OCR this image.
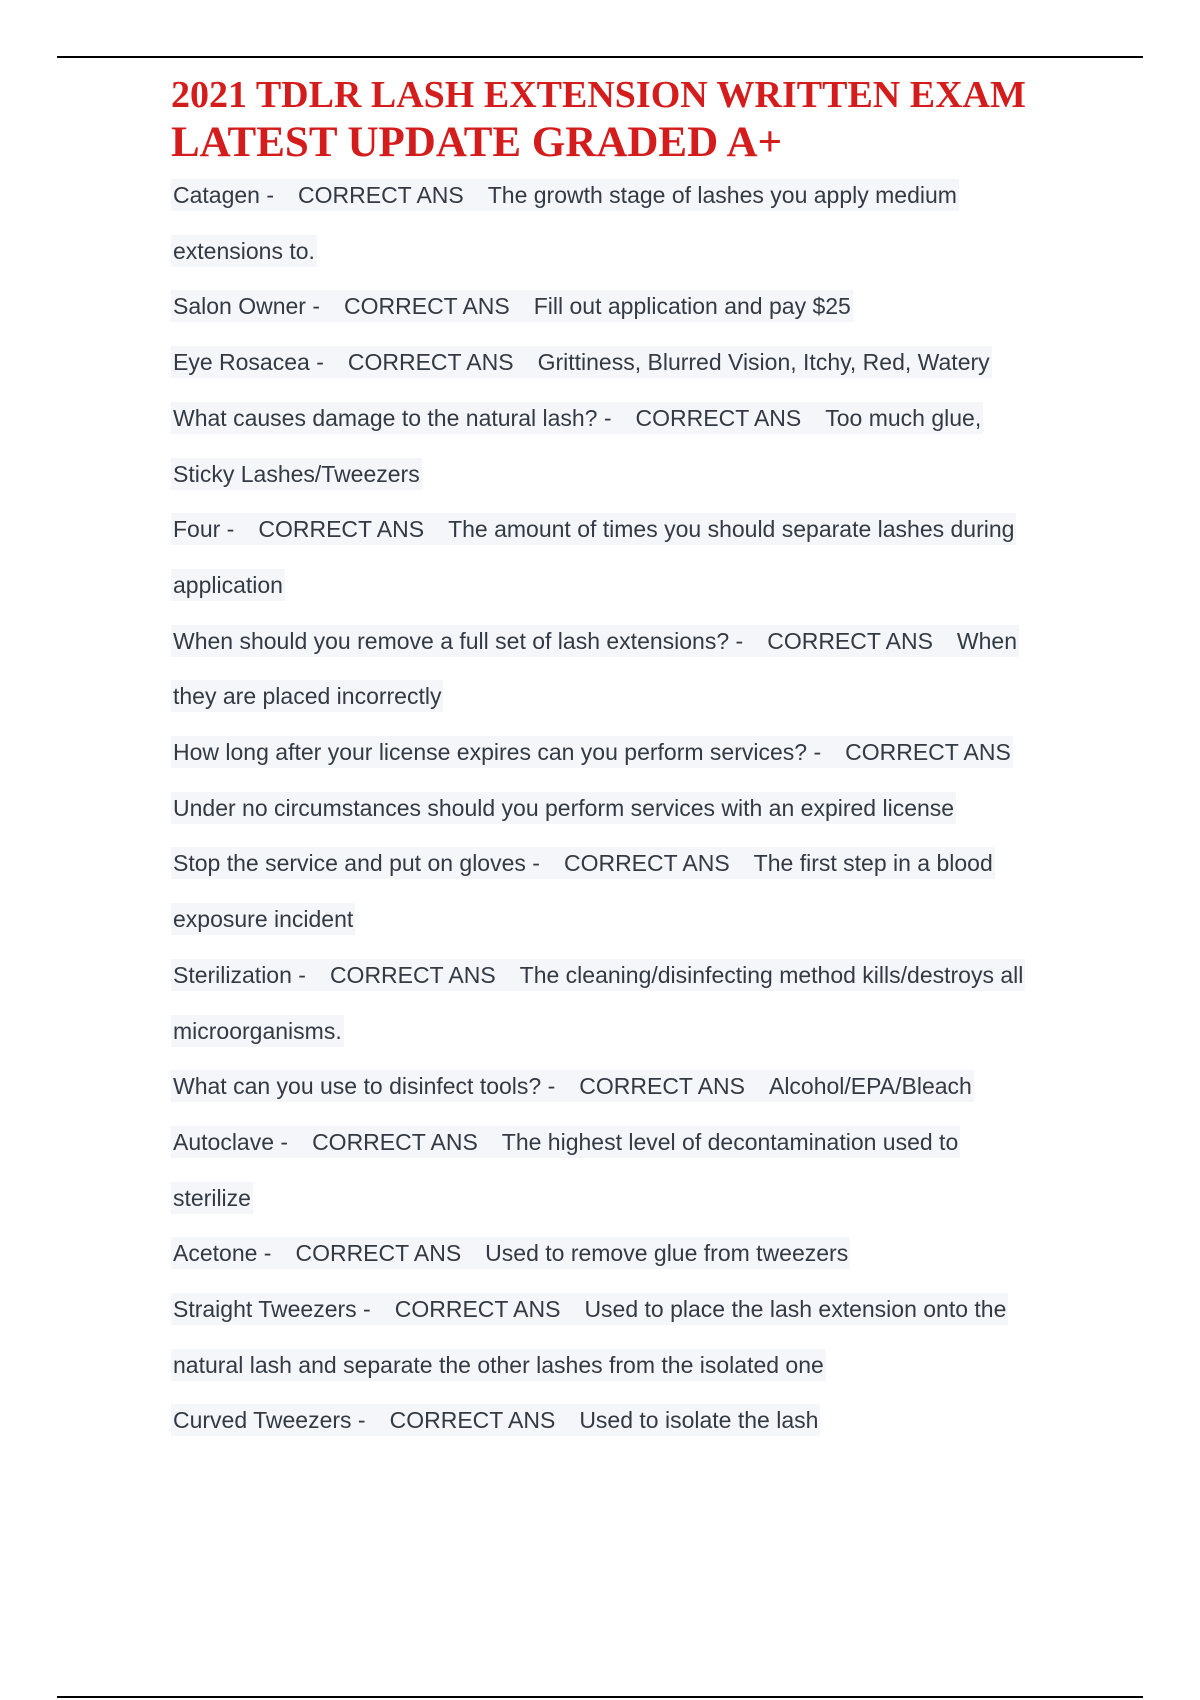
2021 TDLR LASH EXTENSION WRITTEN EXAM
LATEST UPDATE GRADED A+
Catagen - CORRECT ANS The growth stage of lashes you apply medium
extensions to.
Salon Owner - CORRECT ANS Fill out application and pay $25
Eye Rosacea - CORRECT ANS Grittiness, Blurred Vision, Itchy, Red, Watery
What causes damage to the natural lash? - CORRECT ANS Too much glue,
Sticky Lashes/Tweezers
Four - CORRECT ANS The amount of times you should separate lashes during
application
When should you remove a full set of lash extensions? - CORRECT ANS When
they are placed incorrectly
How long after your license expires can you perform services? - CORRECT ANS
Under no circumstances should you perform services with an expired license
Stop the service and put on gloves - CORRECT ANS The first step in a blood
exposure incident
Sterilization - CORRECT ANS The cleaning/disinfecting method kills/destroys all
microorganisms.
What can you use to disinfect tools? - CORRECT ANS Alcohol/EPA/Bleach
Autoclave - CORRECT ANS The highest level of decontamination used to
sterilize
Acetone - CORRECT ANS Used to remove glue from tweezers
Straight Tweezers - CORRECT ANS Used to place the lash extension onto the
natural lash and separate the other lashes from the isolated one
Curved Tweezers - CORRECT ANS Used to isolate the lash
